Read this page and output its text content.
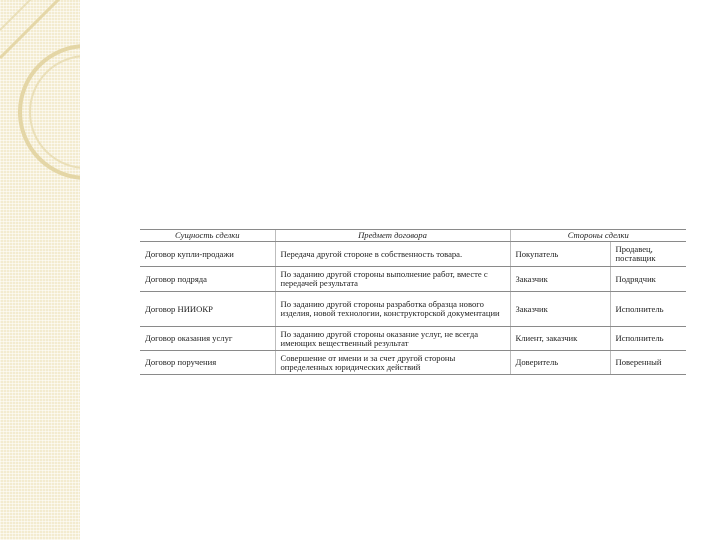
Сущность сделки	Предмет договора	Стороны сделки	
Договор купли-продажи	Передача другой стороне в собственность товара.	Покупатель	Продавец, поставщик
Договор подряда	По заданию другой стороны выполнение работ, вместе с передачей результата	Заказчик	Подрядчик
Договор НИИОКР	По заданию другой стороны разработка образца нового изделия, новой технологии, конструкторской документации	Заказчик	Исполнитель
Договор оказания услуг	По заданию другой стороны оказание услуг, не всегда имеющих вещественный результат	Клиент, заказчик	Исполнитель
Договор поручения	Совершение от имени и за счет другой стороны определенных юридических действий	Доверитель	Поверенный
